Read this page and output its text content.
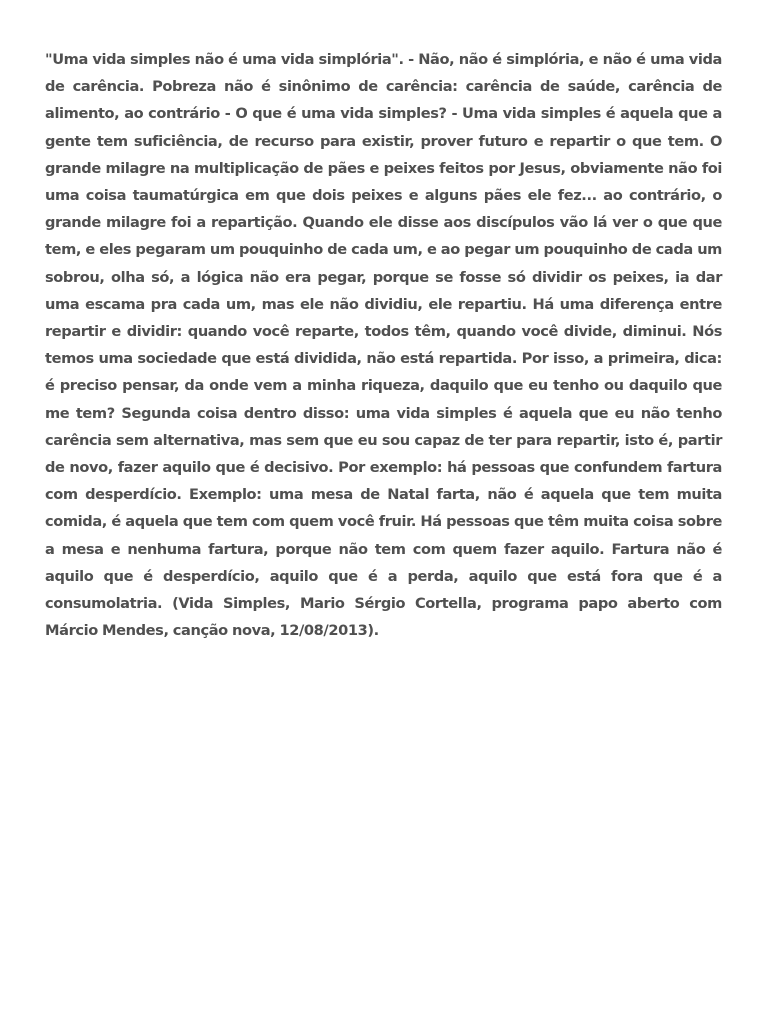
"Uma vida simples não é uma vida simplória". - Não, não é simplória, e não é uma vida de carência. Pobreza não é sinônimo de carência: carência de saúde, carência de alimento, ao contrário - O que é uma vida simples? - Uma vida simples é aquela que a gente tem suficiência, de recurso para existir, prover futuro e repartir o que tem. O grande milagre na multiplicação de pães e peixes feitos por Jesus, obviamente não foi uma coisa taumatúrgica em que dois peixes e alguns pães ele fez... ao contrário, o grande milagre foi a repartição. Quando ele disse aos discípulos vão lá ver o que que tem, e eles pegaram um pouquinho de cada um, e ao pegar um pouquinho de cada um sobrou, olha só, a lógica não era pegar, porque se fosse só dividir os peixes, ia dar uma escama pra cada um, mas ele não dividiu, ele repartiu. Há uma diferença entre repartir e dividir: quando você reparte, todos têm, quando você divide, diminui. Nós temos uma sociedade que está dividida, não está repartida. Por isso, a primeira, dica: é preciso pensar, da onde vem a minha riqueza, daquilo que eu tenho ou daquilo que me tem? Segunda coisa dentro disso: uma vida simples é aquela que eu não tenho carência sem alternativa, mas sem que eu sou capaz de ter para repartir, isto é, partir de novo, fazer aquilo que é decisivo. Por exemplo: há pessoas que confundem fartura com desperdício. Exemplo: uma mesa de Natal farta, não é aquela que tem muita comida, é aquela que tem com quem você fruir. Há pessoas que têm muita coisa sobre a mesa e nenhuma fartura, porque não tem com quem fazer aquilo. Fartura não é aquilo que é desperdício, aquilo que é a perda, aquilo que está fora que é a consumolatria. (Vida Simples, Mario Sérgio Cortella, programa papo aberto com Márcio Mendes, canção nova, 12/08/2013).
